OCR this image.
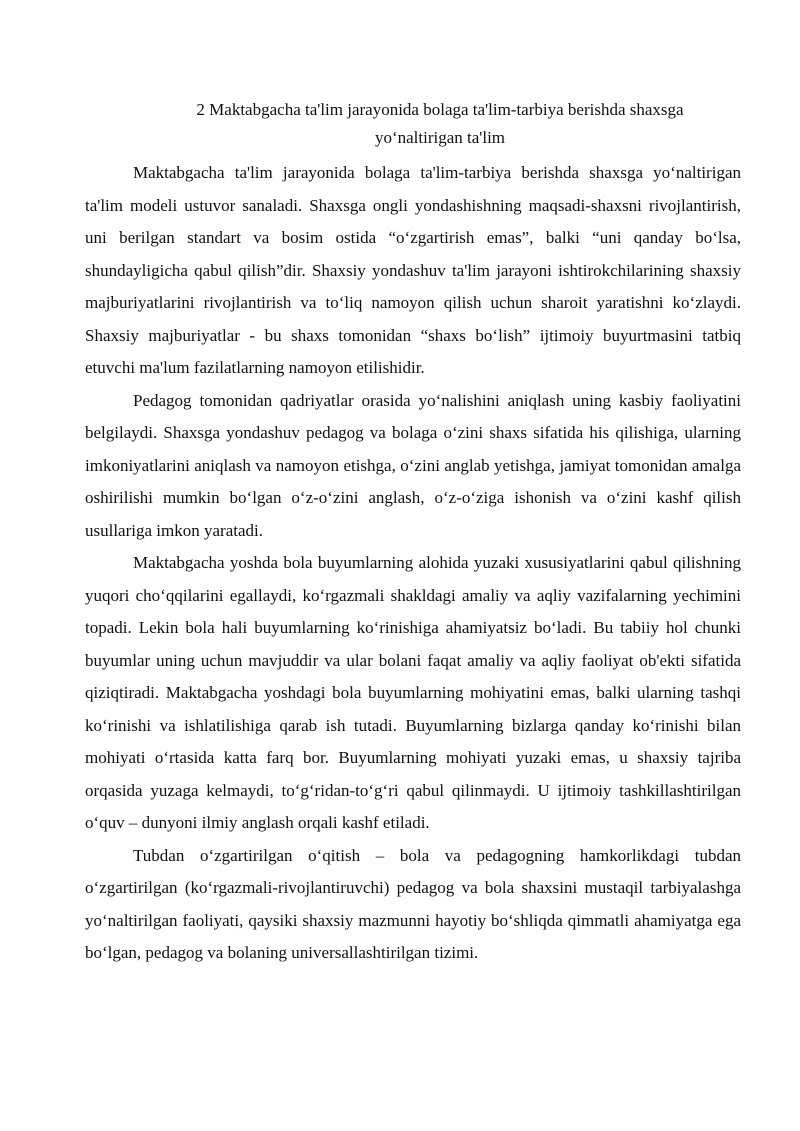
2 Maktabgacha ta'lim jarayonida bolaga ta'lim-tarbiya berishda shaxsga
yo‘naltirigan ta'lim

Maktabgacha ta'lim jarayonida bolaga ta'lim-tarbiya berishda shaxsga yo‘naltirigan ta'lim modeli ustuvor sanaladi. Shaxsga ongli yondashishning maqsadi-shaxsni rivojlantirish, uni berilgan standart va bosim ostida “o‘zgartirish emas”, balki “uni qanday bo‘lsa, shundayligicha qabul qilish”dir. Shaxsiy yondashuv ta'lim jarayoni ishtirokchilarining shaxsiy majburiyatlarini rivojlantirish va to‘liq namoyon qilish uchun sharoit yaratishni ko‘zlaydi. Shaxsiy majburiyatlar - bu shaxs tomonidan “shaxs bo‘lish” ijtimoiy buyurtmasini tatbiq etuvchi ma'lum fazilatlarning namoyon etilishidir.

Pedagog tomonidan qadriyatlar orasida yo‘nalishini aniqlash uning kasbiy faoliyatini belgilaydi. Shaxsga yondashuv pedagog va bolaga o‘zini shaxs sifatida his qilishiga, ularning imkoniyatlarini aniqlash va namoyon etishga, o‘zini anglab yetishga, jamiyat tomonidan amalga oshirilishi mumkin bo‘lgan o‘z-o‘zini anglash, o‘z-o‘ziga ishonish va o‘zini kashf qilish usullariga imkon yaratadi.

Maktabgacha yoshda bola buyumlarning alohida yuzaki xususiyatlarini qabul qilishning yuqori cho‘qqilarini egallaydi, ko‘rgazmali shakldagi amaliy va aqliy vazifalarning yechimini topadi. Lekin bola hali buyumlarning ko‘rinishiga ahamiyatsiz bo‘ladi. Bu tabiiy hol chunki buyumlar uning uchun mavjuddir va ular bolani faqat amaliy va aqliy faoliyat ob'ekti sifatida qiziqtiradi. Maktabgacha yoshdagi bola buyumlarning mohiyatini emas, balki ularning tashqi ko‘rinishi va ishlatilishiga qarab ish tutadi. Buyumlarning bizlarga qanday ko‘rinishi bilan mohiyati o‘rtasida katta farq bor. Buyumlarning mohiyati yuzaki emas, u shaxsiy tajriba orqasida yuzaga kelmaydi, to‘g‘ridan-to‘g‘ri qabul qilinmaydi. U ijtimoiy tashkillashtirilgan o‘quv – dunyoni ilmiy anglash orqali kashf etiladi.

Tubdan o‘zgartirilgan o‘qitish – bola va pedagogning hamkorlikdagi tubdan o‘zgartirilgan (ko‘rgazmali-rivojlantiruvchi) pedagog va bola shaxsini mustaqil tarbiyalashga yo‘naltirilgan faoliyati, qaysiki shaxsiy mazmunni hayotiy bo‘shliqda qimmatli ahamiyatga ega bo‘lgan, pedagog va bolaning universallashtirilgan tizimi.
